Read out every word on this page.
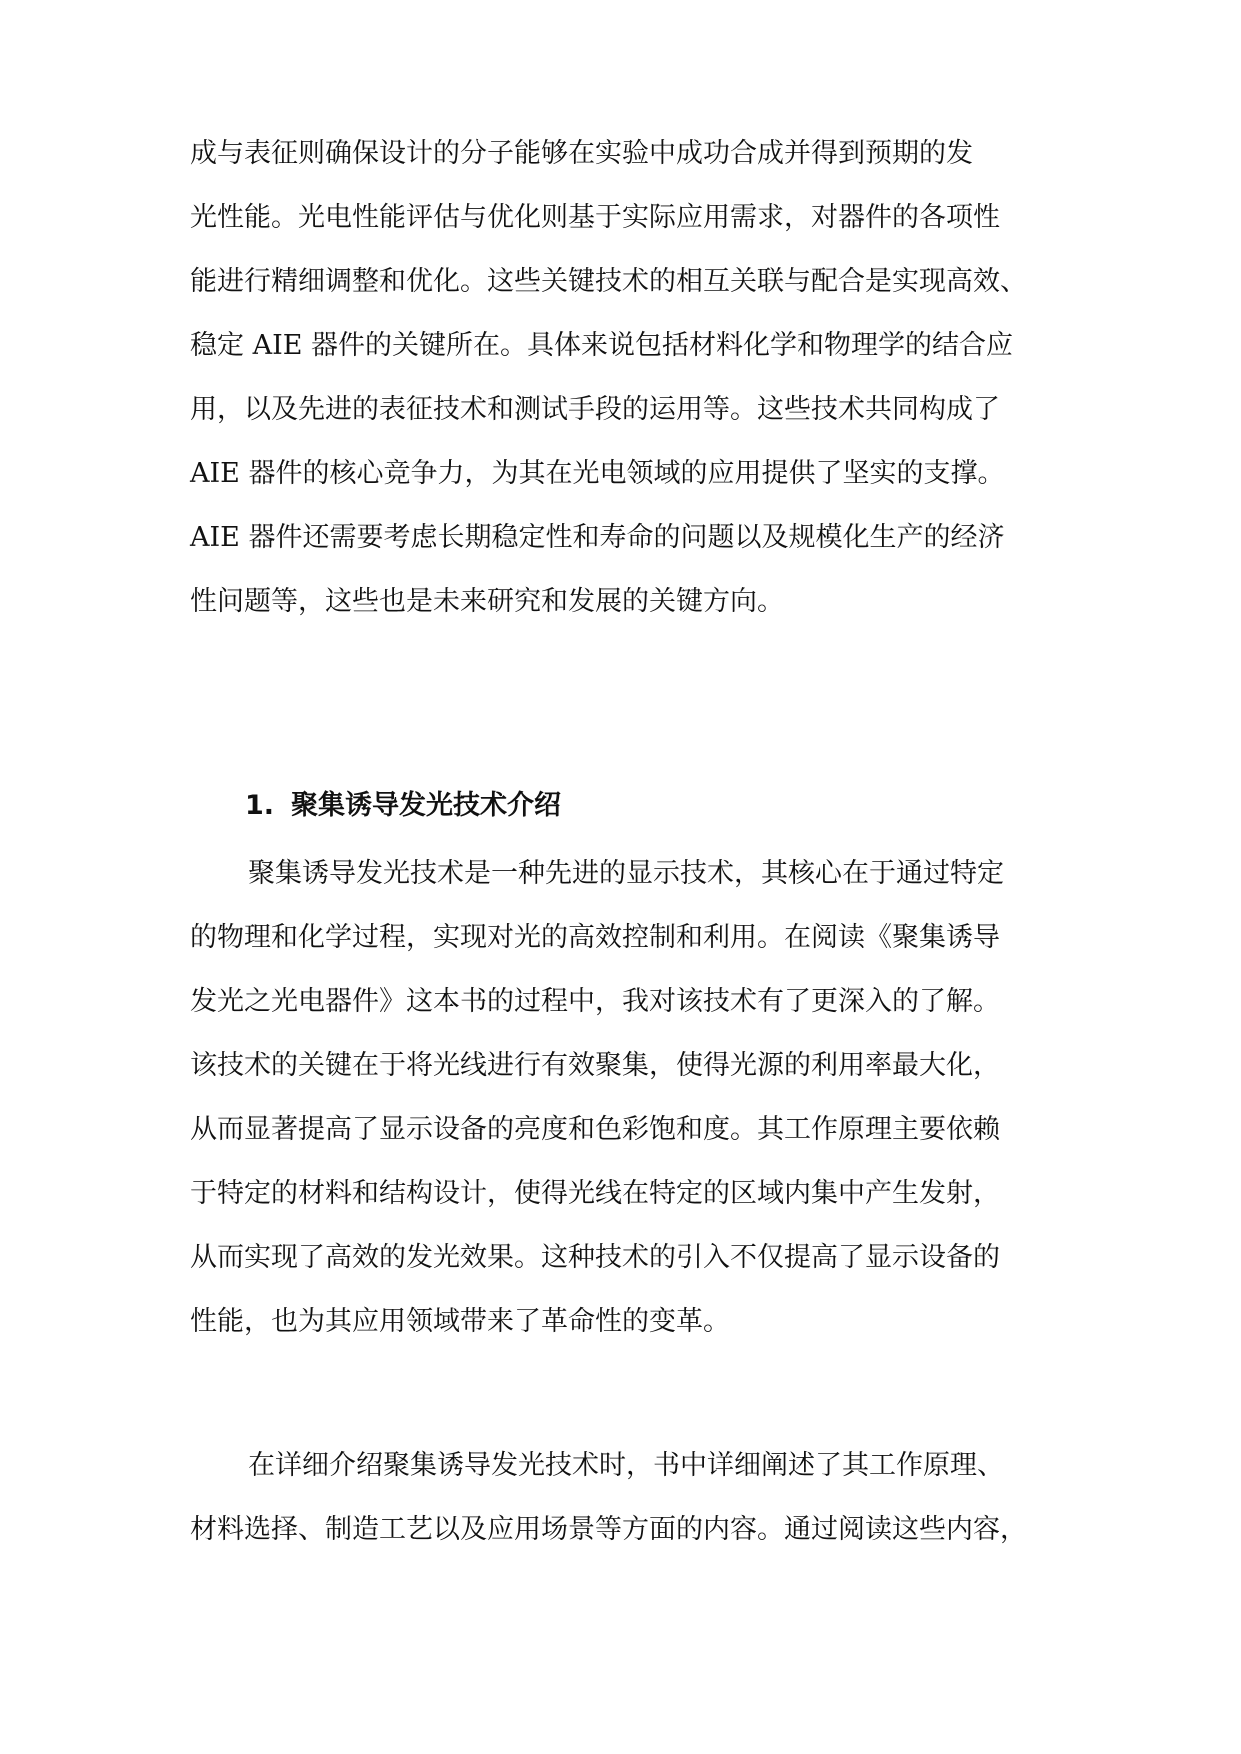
成与表征则确保设计的分子能够在实验中成功合成并得到预期的发
光性能。光电性能评估与优化则基于实际应用需求，对器件的各项性
能进行精细调整和优化。这些关键技术的相互关联与配合是实现高效、
稳定 AIE 器件的关键所在。具体来说包括材料化学和物理学的结合应
用，以及先进的表征技术和测试手段的运用等。这些技术共同构成了
AIE 器件的核心竞争力，为其在光电领域的应用提供了坚实的支撑。
AIE 器件还需要考虑长期稳定性和寿命的问题以及规模化生产的经济
性问题等，这些也是未来研究和发展的关键方向。
1. 聚集诱导发光技术介绍
聚集诱导发光技术是一种先进的显示技术，其核心在于通过特定
的物理和化学过程，实现对光的高效控制和利用。在阅读《聚集诱导
发光之光电器件》这本书的过程中，我对该技术有了更深入的了解。
该技术的关键在于将光线进行有效聚集，使得光源的利用率最大化，
从而显著提高了显示设备的亮度和色彩饱和度。其工作原理主要依赖
于特定的材料和结构设计，使得光线在特定的区域内集中产生发射，
从而实现了高效的发光效果。这种技术的引入不仅提高了显示设备的
性能，也为其应用领域带来了革命性的变革。
在详细介绍聚集诱导发光技术时，书中详细阐述了其工作原理、
材料选择、制造工艺以及应用场景等方面的内容。通过阅读这些内容，
